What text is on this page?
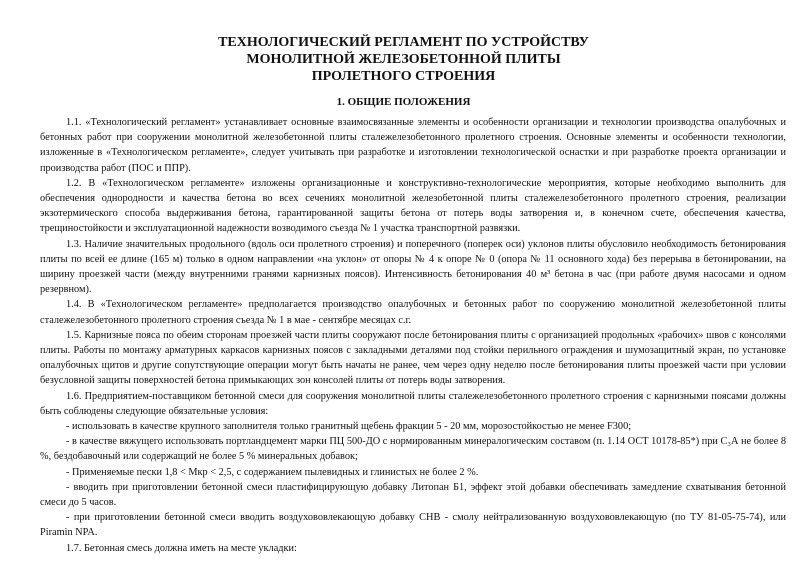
ТЕХНОЛОГИЧЕСКИЙ РЕГЛАМЕНТ ПО УСТРОЙСТВУ
МОНОЛИТНОЙ ЖЕЛЕЗОБЕТОННОЙ ПЛИТЫ
ПРОЛЕТНОГО СТРОЕНИЯ
1. ОБЩИЕ ПОЛОЖЕНИЯ

1.1. «Технологический регламент» устанавливает основные взаимосвязанные элементы и особенности организации и технологии производства опалубочных и бетонных работ при сооружении монолитной железобетонной плиты сталежелезобетонного пролетного строения. Основные элементы и особенности технологии, изложенные в «Технологическом регламенте», следует учитывать при разработке и изготовлении технологической оснастки и при разработке проекта организации и производства работ (ПОС и ППР).

1.2. В «Технологическом регламенте» изложены организационные и конструктивно-технологические мероприятия, которые необходимо выполнить для обеспечения однородности и качества бетона во всех сечениях монолитной железобетонной плиты сталежелезобетонного пролетного строения, реализации экзотермического способа выдерживания бетона, гарантированной защиты бетона от потерь воды затворения и, в конечном счете, обеспечения качества, трещиностойкости и эксплуатационной надежности возводимого съезда № 1 участка транспортной развязки.

1.3. Наличие значительных продольного (вдоль оси пролетного строения) и поперечного (поперек оси) уклонов плиты обусловило необходимость бетонирования плиты по всей ее длине (165 м) только в одном направлении «на уклон» от опоры № 4 к опоре № 0 (опора № 11 основного хода) без перерыва в бетонировании, на ширину проезжей части (между внутренними гранями карнизных поясов). Интенсивность бетонирования 40 м³ бетона в час (при работе двумя насосами и одном резервном).

1.4. В «Технологическом регламенте» предполагается производство опалубочных и бетонных работ по сооружению монолитной железобетонной плиты сталежелезобетонного пролетного строения съезда № 1 в мае - сентябре месяцах с.г.

1.5. Карнизные пояса по обеим сторонам проезжей части плиты сооружают после бетонирования плиты с организацией продольных «рабочих» швов с консолями плиты. Работы по монтажу арматурных каркасов карнизных поясов с закладными деталями под стойки перильного ограждения и шумозащитный экран, по установке опалубочных щитов и другие сопутствующие операции могут быть начаты не ранее, чем через одну неделю после бетонирования плиты проезжей части при условии безусловной защиты поверхностей бетона примыкающих зон консолей плиты от потерь воды затворения.

1.6. Предприятием-поставщиком бетонной смеси для сооружения монолитной плиты сталежелезобетонного пролетного строения с карнизными поясами должны быть соблюдены следующие обязательные условия:

- использовать в качестве крупного заполнителя только гранитный щебень фракции 5 - 20 мм, морозостойкостью не менее F300;

- в качестве вяжущего использовать портландцемент марки ПЦ 500-ДО с нормированным минералогическим составом (п. 1.14 ОСТ 10178-85*) при С₃А не более 8 %, бездобавочный или содержащий не более 5 % минеральных добавок;

- Применяемые пески 1,8 < Мкр < 2,5, с содержанием пылевидных и глинистых не более 2 %.

- вводить при приготовлении бетонной смеси пластифицирующую добавку Литопан Б1, эффект этой добавки обеспечивать замедление схватывания бетонной смеси до 5 часов.

- при приготовлении бетонной смеси вводить воздухововлекающую добавку СНВ - смолу нейтрализованную воздухововлекающую (по ТУ 81-05-75-74), или Piramin NPA.

1.7. Бетонная смесь должна иметь на месте укладки:
